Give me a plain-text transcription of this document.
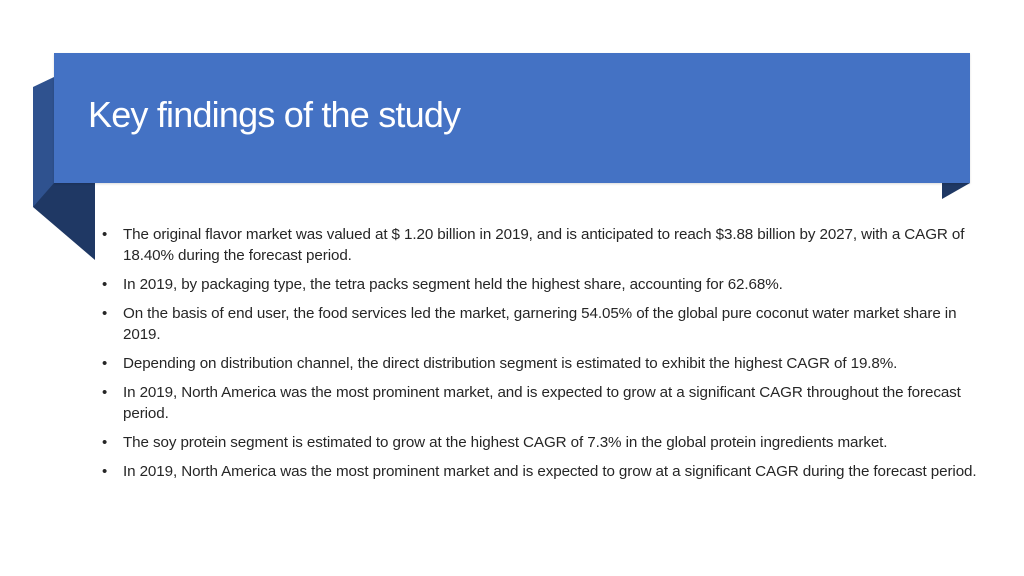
Key findings of the study
• The original flavor market was valued at $ 1.20 billion in 2019, and is anticipated to reach $3.88 billion by 2027, with a CAGR of 18.40% during the forecast period.
• In 2019, by packaging type, the tetra packs segment held the highest share, accounting for 62.68%.
• On the basis of end user, the food services led the market, garnering 54.05% of the global pure coconut water market share in 2019.
• Depending on distribution channel, the direct distribution segment is estimated to exhibit the highest CAGR of 19.8%.
• In 2019, North America was the most prominent market, and is expected to grow at a significant CAGR throughout the forecast period.
• The soy protein segment is estimated to grow at the highest CAGR of 7.3% in the global protein ingredients market.
• In 2019, North America was the most prominent market and is expected to grow at a significant CAGR during the forecast period.
